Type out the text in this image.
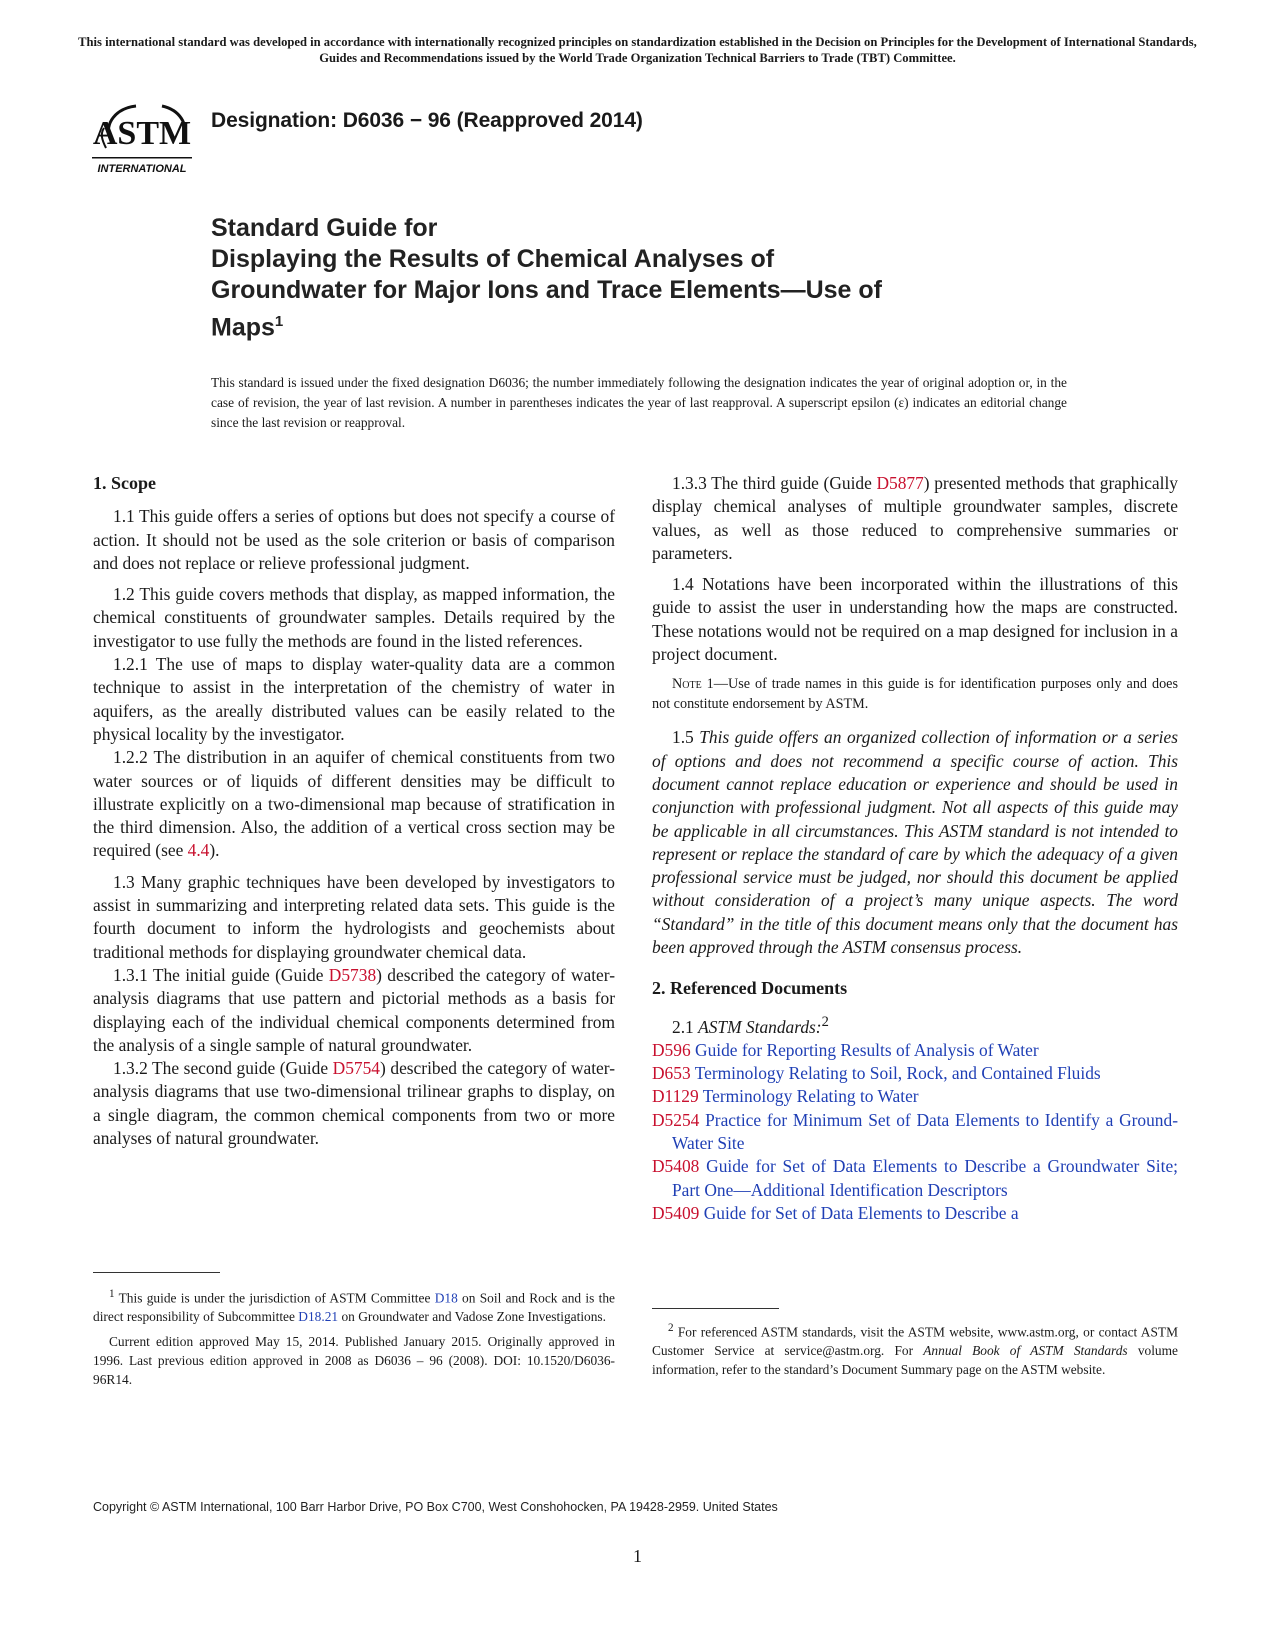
This international standard was developed in accordance with internationally recognized principles on standardization established in the Decision on Principles for the Development of International Standards, Guides and Recommendations issued by the World Trade Organization Technical Barriers to Trade (TBT) Committee.
ASTM
INTERNATIONAL
Designation: D6036 − 96 (Reapproved 2014)
Standard Guide for
Displaying the Results of Chemical Analyses of
Groundwater for Major Ions and Trace Elements—Use of
Maps$^1$
This standard is issued under the fixed designation D6036; the number immediately following the designation indicates the year of original adoption or, in the case of revision, the year of last revision. A number in parentheses indicates the year of last reapproval. A superscript epsilon (ε) indicates an editorial change since the last revision or reapproval.
1. Scope

1.1 This guide offers a series of options but does not specify a course of action. It should not be used as the sole criterion or basis of comparison and does not replace or relieve professional judgment.

1.2 This guide covers methods that display, as mapped information, the chemical constituents of groundwater samples. Details required by the investigator to use fully the methods are found in the listed references.

1.2.1 The use of maps to display water-quality data are a common technique to assist in the interpretation of the chemistry of water in aquifers, as the areally distributed values can be easily related to the physical locality by the investigator.

1.2.2 The distribution in an aquifer of chemical constituents from two water sources or of liquids of different densities may be difficult to illustrate explicitly on a two-dimensional map because of stratification in the third dimension. Also, the addition of a vertical cross section may be required (see 4.4).

1.3 Many graphic techniques have been developed by investigators to assist in summarizing and interpreting related data sets. This guide is the fourth document to inform the hydrologists and geochemists about traditional methods for displaying groundwater chemical data.

1.3.1 The initial guide (Guide D5738) described the category of water-analysis diagrams that use pattern and pictorial methods as a basis for displaying each of the individual chemical components determined from the analysis of a single sample of natural groundwater.

1.3.2 The second guide (Guide D5754) described the category of water-analysis diagrams that use two-dimensional trilinear graphs to display, on a single diagram, the common chemical components from two or more analyses of natural groundwater.

$^1$ This guide is under the jurisdiction of ASTM Committee D18 on Soil and Rock and is the direct responsibility of Subcommittee D18.21 on Groundwater and Vadose Zone Investigations.

Current edition approved May 15, 2014. Published January 2015. Originally approved in 1996. Last previous edition approved in 2008 as D6036 – 96 (2008). DOI: 10.1520/D6036-96R14.

1.3.3 The third guide (Guide D5877) presented methods that graphically display chemical analyses of multiple groundwater samples, discrete values, as well as those reduced to comprehensive summaries or parameters.

1.4 Notations have been incorporated within the illustrations of this guide to assist the user in understanding how the maps are constructed. These notations would not be required on a map designed for inclusion in a project document.

Note 1—Use of trade names in this guide is for identification purposes only and does not constitute endorsement by ASTM.

1.5 This guide offers an organized collection of information or a series of options and does not recommend a specific course of action. This document cannot replace education or experience and should be used in conjunction with professional judgment. Not all aspects of this guide may be applicable in all circumstances. This ASTM standard is not intended to represent or replace the standard of care by which the adequacy of a given professional service must be judged, nor should this document be applied without consideration of a project’s many unique aspects. The word “Standard” in the title of this document means only that the document has been approved through the ASTM consensus process.

2. Referenced Documents

2.1 ASTM Standards:$^2$

D596 Guide for Reporting Results of Analysis of Water
D653 Terminology Relating to Soil, Rock, and Contained Fluids
D1129 Terminology Relating to Water
D5254 Practice for Minimum Set of Data Elements to Identify a Ground-Water Site
D5408 Guide for Set of Data Elements to Describe a Groundwater Site; Part One—Additional Identification Descriptors
D5409 Guide for Set of Data Elements to Describe a

$^2$ For referenced ASTM standards, visit the ASTM website, www.astm.org, or contact ASTM Customer Service at service@astm.org. For Annual Book of ASTM Standards volume information, refer to the standard’s Document Summary page on the ASTM website.

Copyright © ASTM International, 100 Barr Harbor Drive, PO Box C700, West Conshohocken, PA 19428-2959. United States
1
